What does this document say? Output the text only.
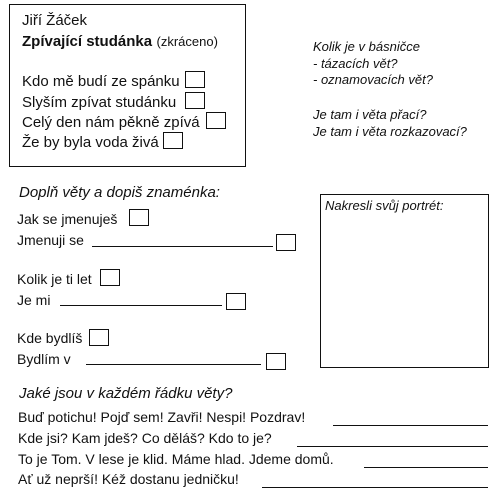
Jiří Žáček
Zpívající studánka (zkráceno)
Kdo mě budí ze spánku
Slyším zpívat studánku
Celý den nám pěkně zpívá
Že by byla voda živá
Kolik je v básničce
- tázacích vět?
- oznamovacích vět?
Je tam i věta přací?
Je tam i věta rozkazovací?
Doplň věty a dopiš znaménka:
Jak se jmenuješ
Jmenuji se
Kolik je ti let
Je mi
Kde bydlíš
Bydlím v
Nakresli svůj portrét:
Jaké jsou v každém řádku věty?
Buď potichu! Pojď sem! Zavři! Nespi! Pozdrav!
Kde jsi? Kam jdeš? Co děláš? Kdo to je?
To je Tom. V lese je klid. Máme hlad. Jdeme domů.
Ať už neprší! Kéž dostanu jedničku!
